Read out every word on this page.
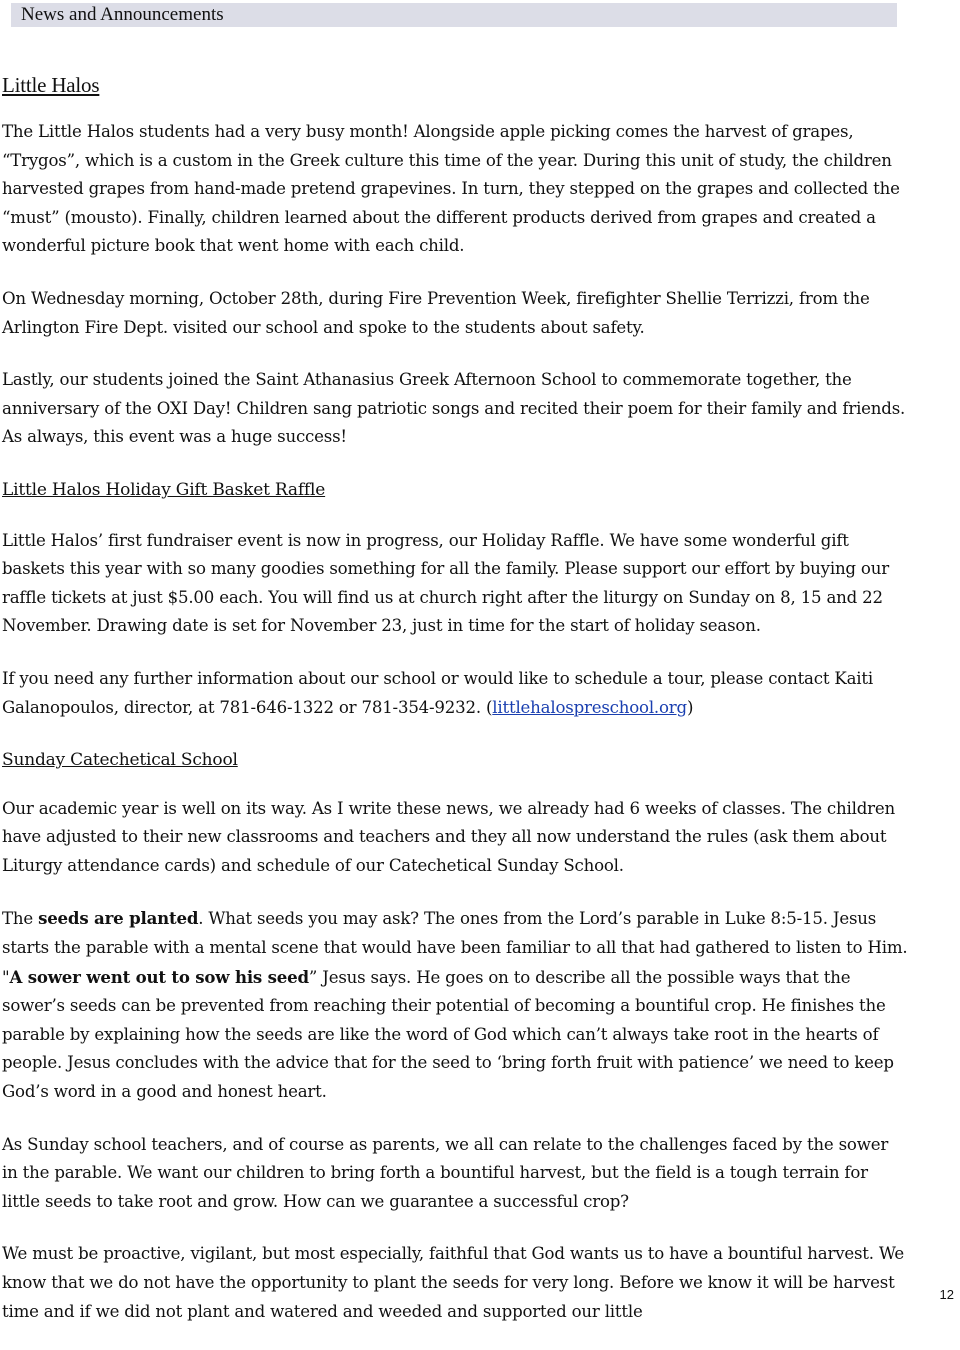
News and Announcements
Little Halos

The Little Halos students had a very busy month! Alongside apple picking comes the harvest of grapes, “Trygos”, which is a custom in the Greek culture this time of the year. During this unit of study, the children harvested grapes from hand-made pretend grapevines. In turn, they stepped on the grapes and collected the “must” (mousto). Finally, children learned about the different products derived from grapes and created a wonderful picture book that went home with each child.

On Wednesday morning, October 28th, during Fire Prevention Week, firefighter Shellie Terrizzi, from the Arlington Fire Dept. visited our school and spoke to the students about safety.

Lastly, our students joined the Saint Athanasius Greek Afternoon School to commemorate together, the anniversary of the OXI Day! Children sang patriotic songs and recited their poem for their family and friends. As always, this event was a huge success!

Little Halos Holiday Gift Basket Raffle

Little Halos’ first fundraiser event is now in progress, our Holiday Raffle. We have some wonderful gift baskets this year with so many goodies something for all the family. Please support our effort by buying our raffle tickets at just $5.00 each. You will find us at church right after the liturgy on Sunday on 8, 15 and 22 November. Drawing date is set for November 23, just in time for the start of holiday season.

If you need any further information about our school or would like to schedule a tour, please contact Kaiti Galanopoulos, director, at 781-646-1322 or 781-354-9232. (littlehalospreschool.org)

Sunday Catechetical School

Our academic year is well on its way. As I write these news, we already had 6 weeks of classes. The children have adjusted to their new classrooms and teachers and they all now understand the rules (ask them about Liturgy attendance cards) and schedule of our Catechetical Sunday School.

The seeds are planted. What seeds you may ask? The ones from the Lord’s parable in Luke 8:5-15. Jesus starts the parable with a mental scene that would have been familiar to all that had gathered to listen to Him. "A sower went out to sow his seed” Jesus says. He goes on to describe all the possible ways that the sower’s seeds can be prevented from reaching their potential of becoming a bountiful crop. He finishes the parable by explaining how the seeds are like the word of God which can’t always take root in the hearts of people. Jesus concludes with the advice that for the seed to ‘bring forth fruit with patience’ we need to keep God’s word in a good and honest heart.

As Sunday school teachers, and of course as parents, we all can relate to the challenges faced by the sower in the parable. We want our children to bring forth a bountiful harvest, but the field is a tough terrain for little seeds to take root and grow. How can we guarantee a successful crop?

We must be proactive, vigilant, but most especially, faithful that God wants us to have a bountiful harvest. We know that we do not have the opportunity to plant the seeds for very long. Before we know it will be harvest time and if we did not plant and watered and weeded and supported our little

12
